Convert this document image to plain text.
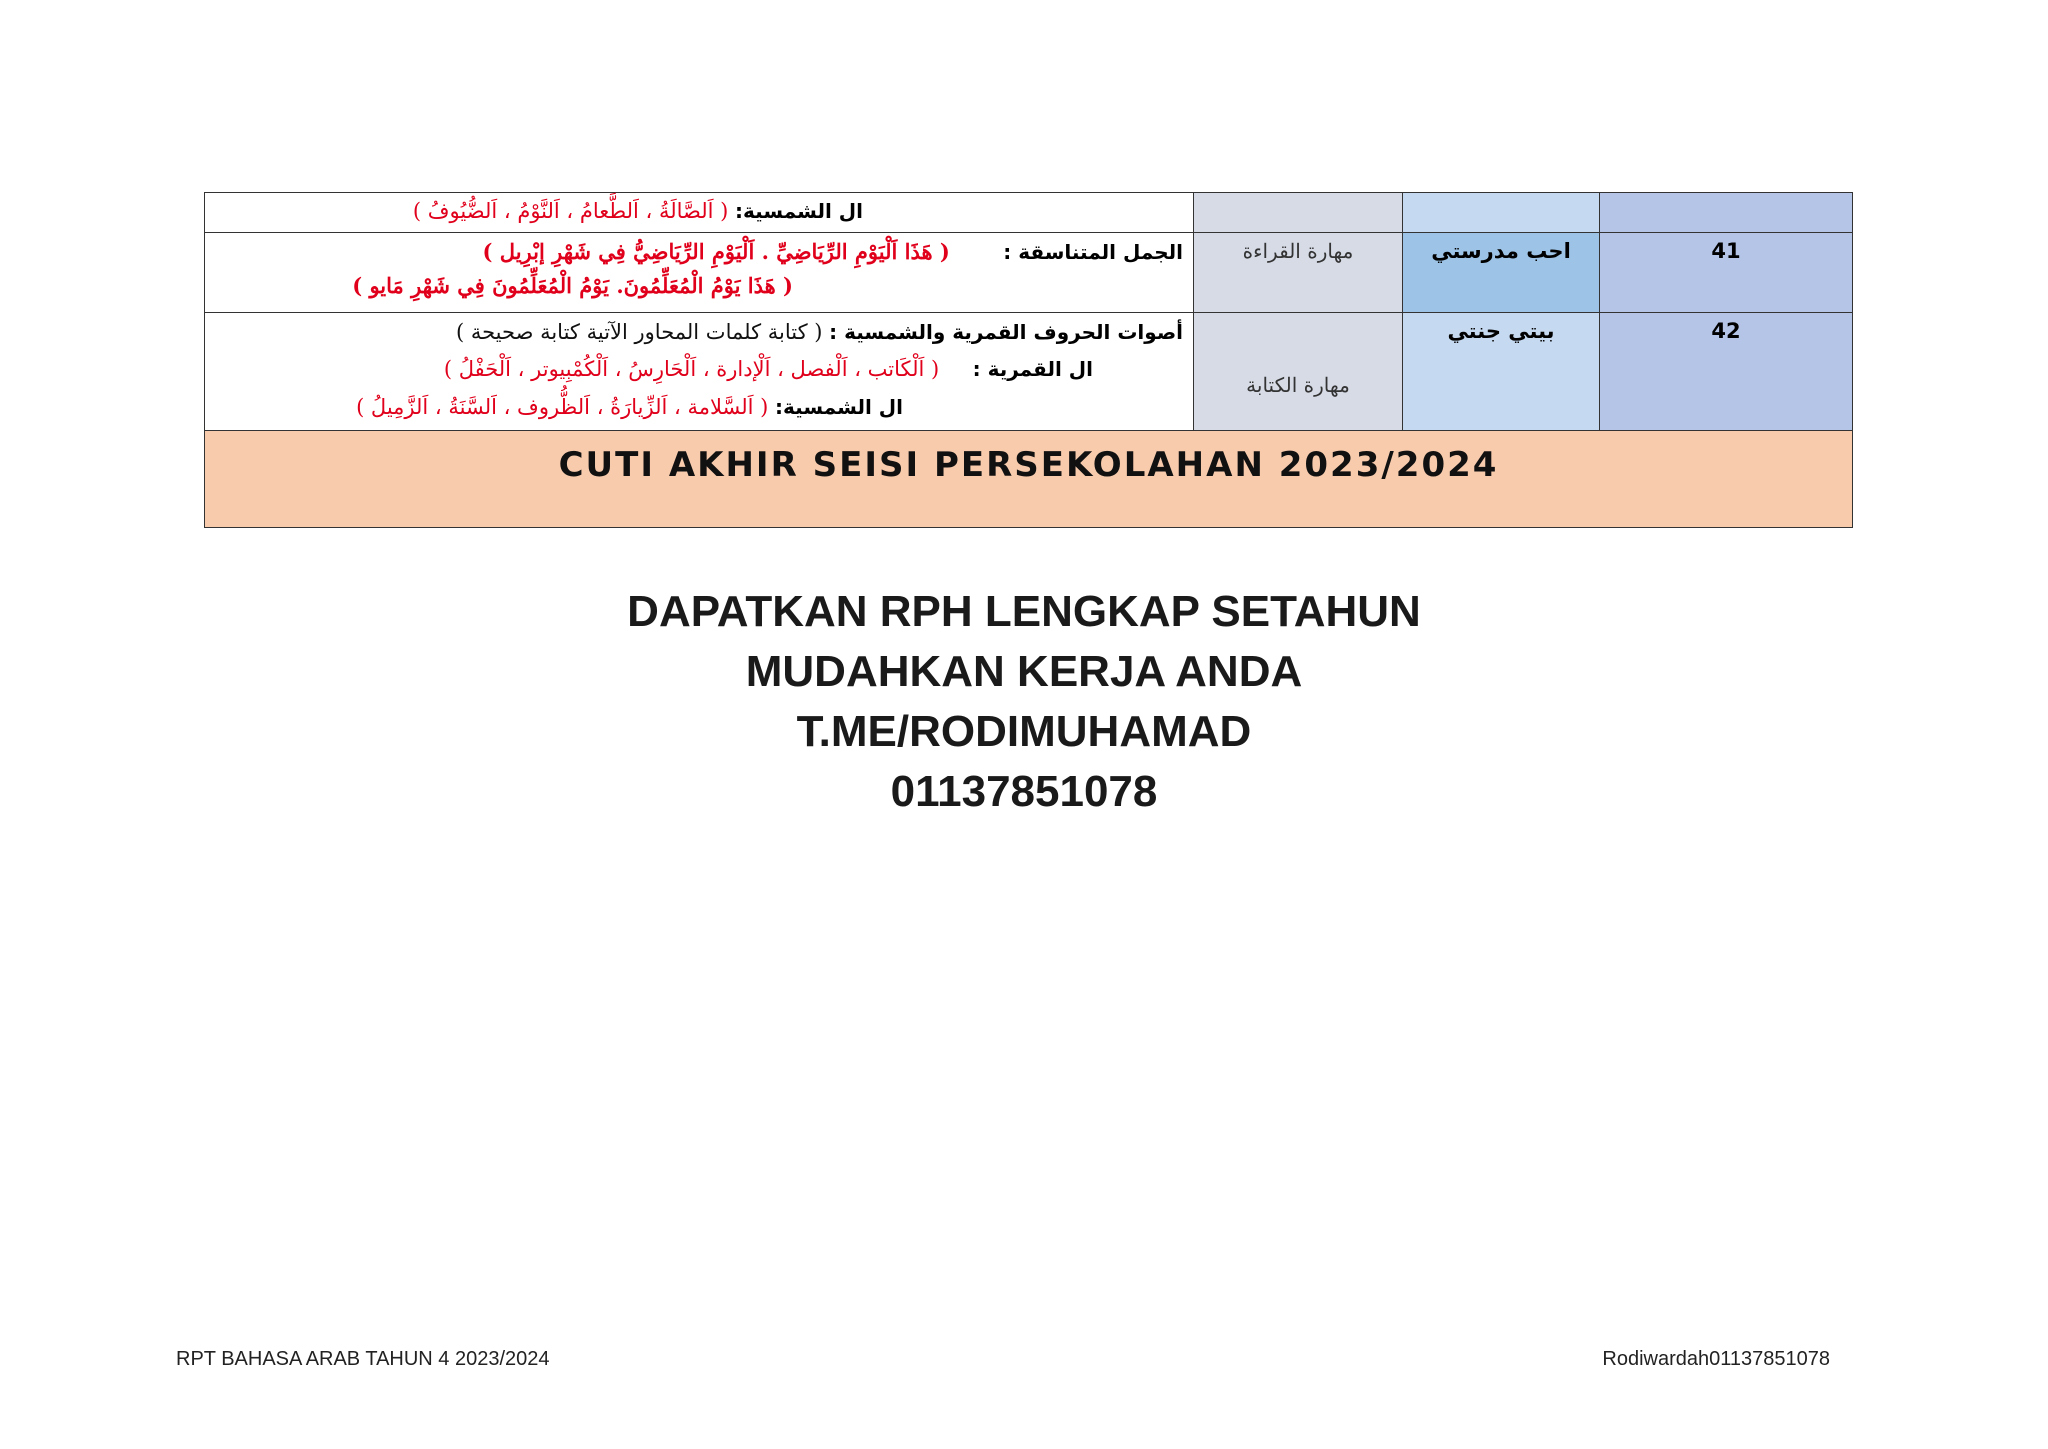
ال الشمسية: ( اَلصَّالَةُ ، اَلطَّعامُ ، اَلنَّوْمُ ، اَلضُّيُوفُ )			

الجمل المتناسقة :        ( هَذَا اَلْيَوْمِ الرِّيَاضِيِّ . اَلْيَوْمِ الرِّيَاضِيُّ فِي شَهْرِ إبْرِيل )
( هَذَا يَوْمُ الْمُعَلِّمُونَ. يَوْمُ الْمُعَلِّمُونَ فِي شَهْرِ مَايو )	مهارة القراءة	احب مدرستي	41

أصوات الحروف القمرية والشمسية : ( كتابة كلمات المحاور الآتية كتابة صحيحة )
ال القمرية :     ( اَلْكَاتب ، اَلْفصل ، اَلْإدارة ، اَلْحَارِسُ ، اَلْكُمْبِيوتر ، اَلْحَفْلُ )
ال الشمسية: ( اَلسَّلامة ، اَلزِّيارَةُ ، اَلظُّروف ، اَلسَّنَةُ ، اَلزَّمِيلُ )	مهارة الكتابة	بيتي جنتي	42

CUTI AKHIR SEISI PERSEKOLAHAN 2023/2024			
DAPATKAN RPH LENGKAP SETAHUN
MUDAHKAN KERJA ANDA
T.ME/RODIMUHAMAD
01137851078
RPT BAHASA ARAB TAHUN 4 2023/2024	Rodiwardah01137851078
